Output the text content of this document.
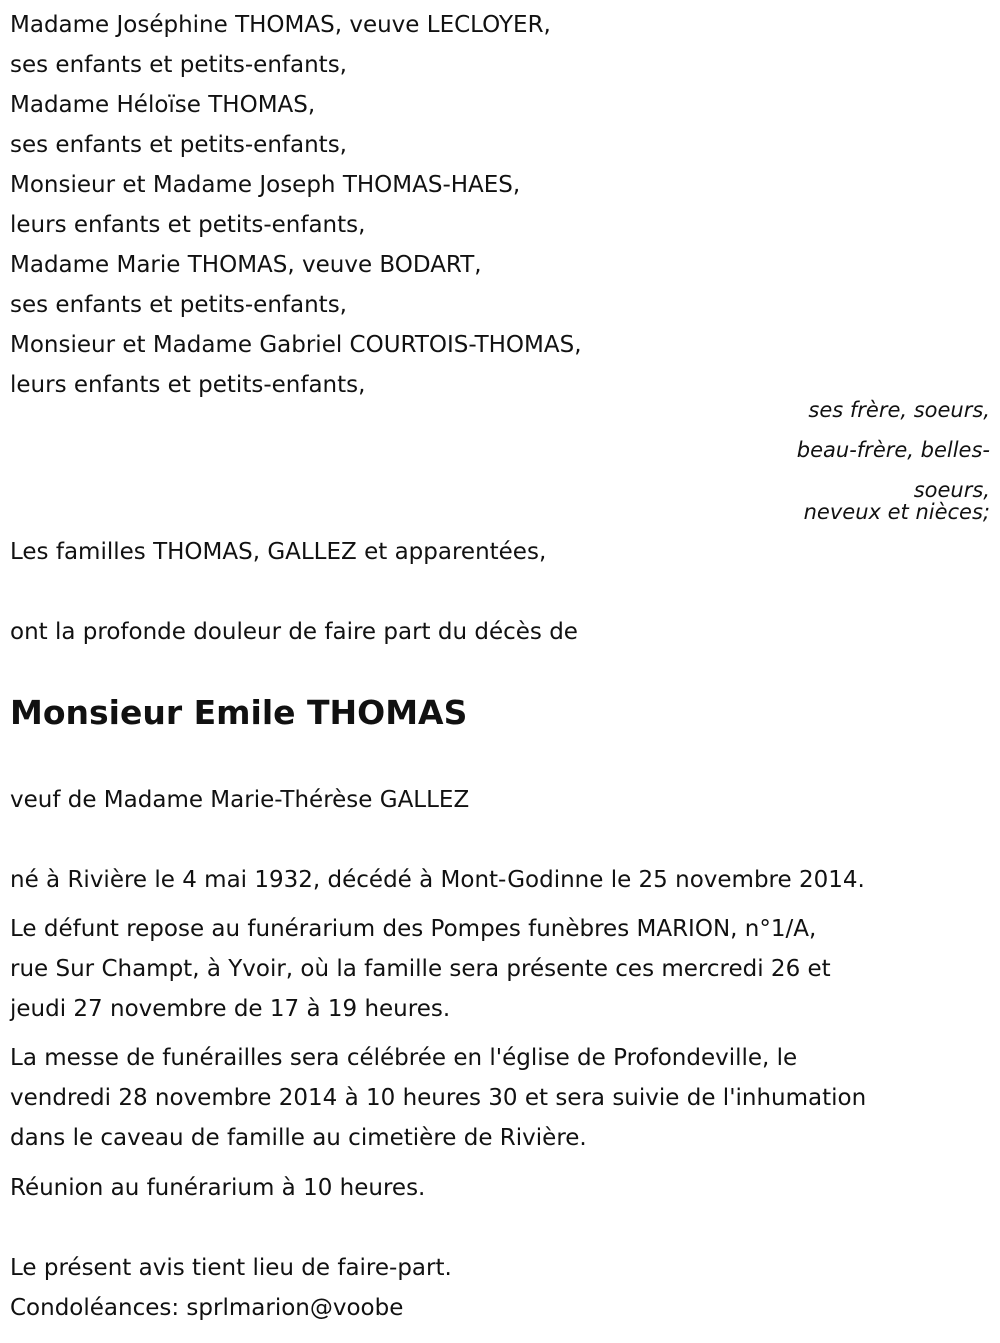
Madame Joséphine THOMAS, veuve LECLOYER,
ses enfants et petits-enfants,
Madame Héloïse THOMAS,
ses enfants et petits-enfants,
Monsieur et Madame Joseph THOMAS-HAES,
leurs enfants et petits-enfants,
Madame Marie THOMAS, veuve BODART,
ses enfants et petits-enfants,
Monsieur et Madame Gabriel COURTOIS-THOMAS,
leurs enfants et petits-enfants,
ses frère, soeurs,
beau-frère, belles-
soeurs,
neveux et nièces;
Les familles THOMAS, GALLEZ et apparentées,
ont la profonde douleur de faire part du décès de
Monsieur Emile THOMAS
veuf de Madame Marie-Thérèse GALLEZ
né à Rivière le 4 mai 1932, décédé à Mont-Godinne le 25 novembre 2014.
Le défunt repose au funérarium des Pompes funèbres MARION, n°1/A,
rue Sur Champt, à Yvoir, où la famille sera présente ces mercredi 26 et
jeudi 27 novembre de 17 à 19 heures.
La messe de funérailles sera célébrée en l'église de Profondeville, le
vendredi 28 novembre 2014 à 10 heures 30 et sera suivie de l'inhumation
dans le caveau de famille au cimetière de Rivière.
Réunion au funérarium à 10 heures.
Le présent avis tient lieu de faire-part.
Condoléances: sprlmarion@voobe
